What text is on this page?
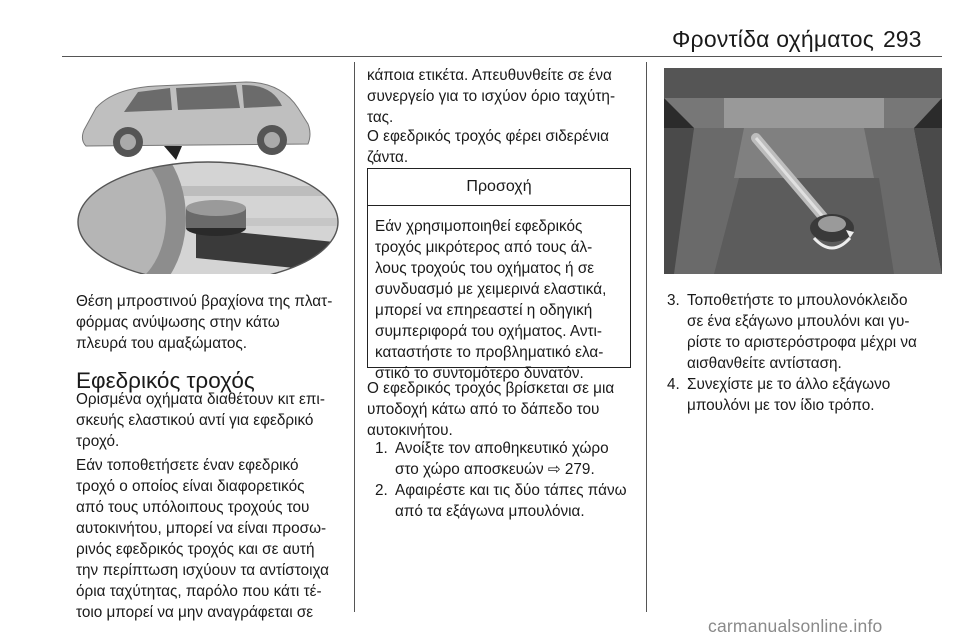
Φροντίδα οχήματος 293

Θέση μπροστινού βραχίονα της πλατ-

φόρμας ανύψωσης στην κάτω

πλευρά του αμαξώματος.

Εφεδρικός τροχός

Ορισμένα οχήματα διαθέτουν κιτ επι-

σκευής ελαστικού αντί για εφεδρικό

τροχό.

Εάν τοποθετήσετε έναν εφεδρικό

τροχό ο οποίος είναι διαφορετικός

από τους υπόλοιπους τροχούς του

αυτοκινήτου, μπορεί να είναι προσω-

ρινός εφεδρικός τροχός και σε αυτή

την περίπτωση ισχύουν τα αντίστοιχα

όρια ταχύτητας, παρόλο που κάτι τέ-

τοιο μπορεί να μην αναγράφεται σε

κάποια ετικέτα. Απευθυνθείτε σε ένα

συνεργείο για το ισχύον όριο ταχύτη-

τας.

Ο εφεδρικός τροχός φέρει σιδερένια

ζάντα.

Προσοχή
Εάν χρησιμοποιηθεί εφεδρικός
τροχός μικρότερος από τους άλ-
λους τροχούς του οχήματος ή σε
συνδυασμό με χειμερινά ελαστικά,
μπορεί να επηρεαστεί η οδηγική
συμπεριφορά του οχήματος. Αντι-
καταστήστε το προβληματικό ελα-
στικό το συντομότερο δυνατόν.

Ο εφεδρικός τροχός βρίσκεται σε μια

υποδοχή κάτω από το δάπεδο του

αυτοκινήτου.

1. Ανοίξτε τον αποθηκευτικό χώρο
στο χώρο αποσκευών ⇨ 279.
2. Αφαιρέστε και τις δύο τάπες πάνω
από τα εξάγωνα μπουλόνια.
3. Τοποθετήστε το μπουλονόκλειδο
σε ένα εξάγωνο μπουλόνι και γυ-
ρίστε το αριστερόστροφα μέχρι να
αισθανθείτε αντίσταση.
4. Συνεχίστε με το άλλο εξάγωνο
μπουλόνι με τον ίδιο τρόπο.
carmanualsonline.info
